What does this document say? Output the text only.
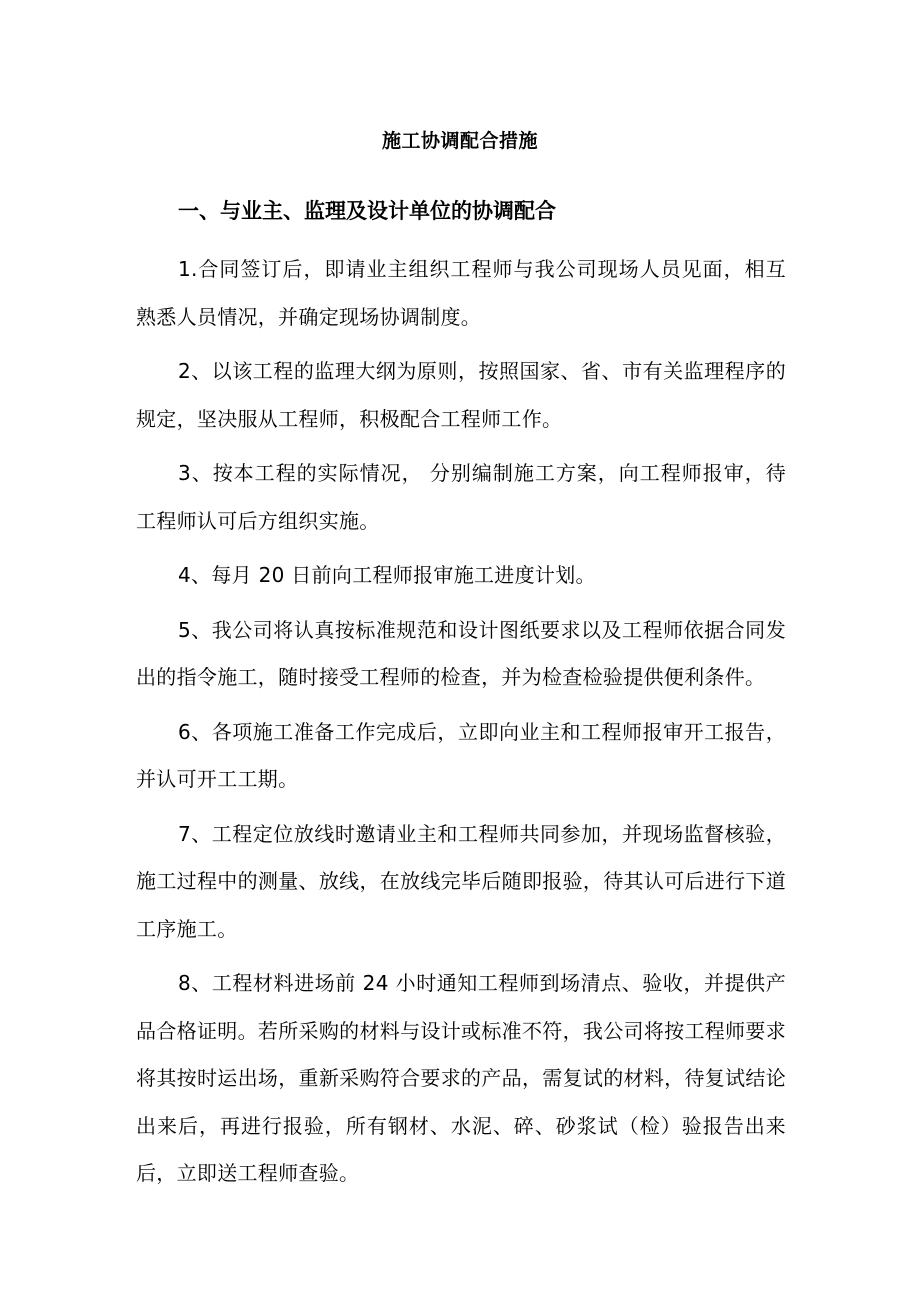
施工协调配合措施
一、与业主、监理及设计单位的协调配合

1.合同签订后，即请业主组织工程师与我公司现场人员见面，相互熟悉人员情况，并确定现场协调制度。

2、以该工程的监理大纲为原则，按照国家、省、市有关监理程序的规定，坚决服从工程师，积极配合工程师工作。

3、按本工程的实际情况， 分别编制施工方案，向工程师报审，待工程师认可后方组织实施。

4、每月 20 日前向工程师报审施工进度计划。

5、我公司将认真按标准规范和设计图纸要求以及工程师依据合同发出的指令施工，随时接受工程师的检查，并为检查检验提供便利条件。

6、各项施工准备工作完成后，立即向业主和工程师报审开工报告，并认可开工工期。

7、工程定位放线时邀请业主和工程师共同参加，并现场监督核验，施工过程中的测量、放线，在放线完毕后随即报验，待其认可后进行下道工序施工。

8、工程材料进场前 24 小时通知工程师到场清点、验收，并提供产品合格证明。若所采购的材料与设计或标准不符，我公司将按工程师要求将其按时运出场，重新采购符合要求的产品，需复试的材料，待复试结论出来后，再进行报验，所有钢材、水泥、碎、砂浆试（检）验报告出来后，立即送工程师查验。
